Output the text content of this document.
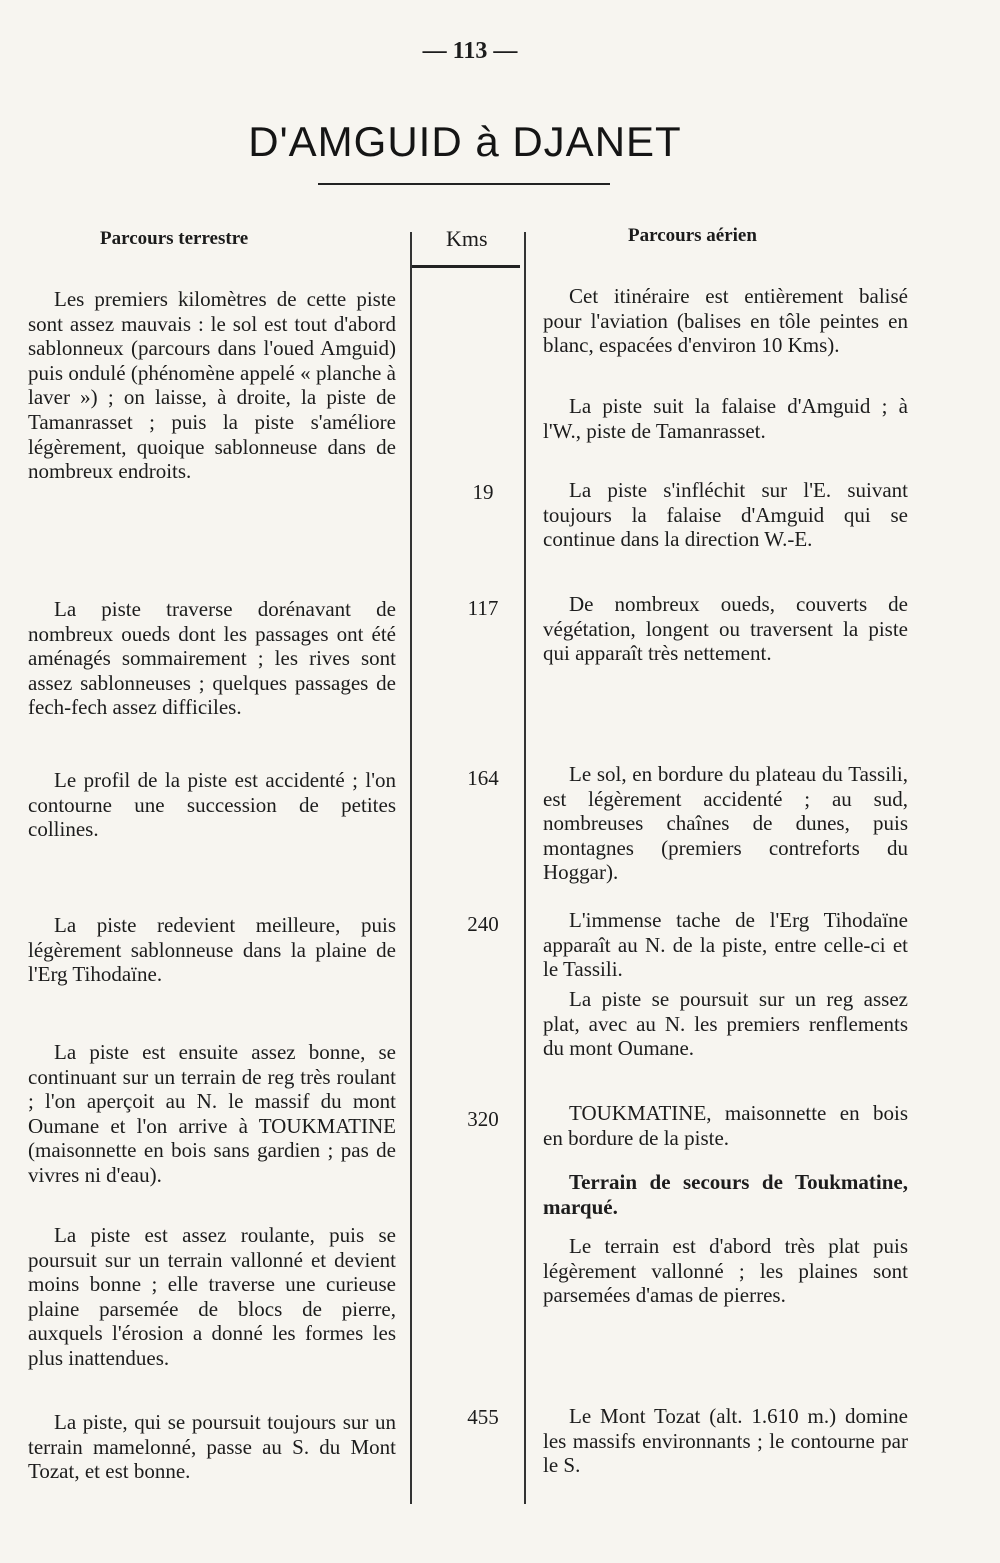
— 113 —
D'AMGUID à DJANET
Parcours terrestre	Kms	Parcours aérien
Les premiers kilomètres de cette piste sont assez mauvais : le sol est tout d'abord sablonneux (parcours dans l'oued Amguid) puis ondulé (phénomène appelé « planche à laver ») ; on laisse, à droite, la piste de Tamanrasset ; puis la piste s'améliore légèrement, quoique sablonneuse dans de nombreux endroits.
La piste traverse dorénavant de nombreux oueds dont les passages ont été aménagés sommairement ; les rives sont assez sablonneuses ; quelques passages de fech-fech assez difficiles.
Le profil de la piste est accidenté ; l'on contourne une succession de petites collines.
La piste redevient meilleure, puis légèrement sablonneuse dans la plaine de l'Erg Tihodaïne.
La piste est ensuite assez bonne, se continuant sur un terrain de reg très roulant ; l'on aperçoit au N. le massif du mont Oumane et l'on arrive à TOUKMATINE (maisonnette en bois sans gardien ; pas de vivres ni d'eau).
La piste est assez roulante, puis se poursuit sur un terrain vallonné et devient moins bonne ; elle traverse une curieuse plaine parsemée de blocs de pierre, auxquels l'érosion a donné les formes les plus inattendues.
La piste, qui se poursuit toujours sur un terrain mamelonné, passe au S. du Mont Tozat, et est bonne.
19
117
164
240
320
455
Cet itinéraire est entièrement balisé pour l'aviation (balises en tôle peintes en blanc, espacées d'environ 10 Kms).
La piste suit la falaise d'Amguid ; à l'W., piste de Tamanrasset.
La piste s'infléchit sur l'E. suivant toujours la falaise d'Amguid qui se continue dans la direction W.-E.
De nombreux oueds, couverts de végétation, longent ou traversent la piste qui apparaît très nettement.
Le sol, en bordure du plateau du Tassili, est légèrement accidenté ; au sud, nombreuses chaînes de dunes, puis montagnes (premiers contreforts du Hoggar).
L'immense tache de l'Erg Tihodaïne apparaît au N. de la piste, entre celle-ci et le Tassili.
La piste se poursuit sur un reg assez plat, avec au N. les premiers renflements du mont Oumane.
TOUKMATINE, maisonnette en bois en bordure de la piste.
Terrain de secours de Toukmatine, marqué.
Le terrain est d'abord très plat puis légèrement vallonné ; les plaines sont parsemées d'amas de pierres.
Le Mont Tozat (alt. 1.610 m.) domine les massifs environnants ; le contourne par le S.
